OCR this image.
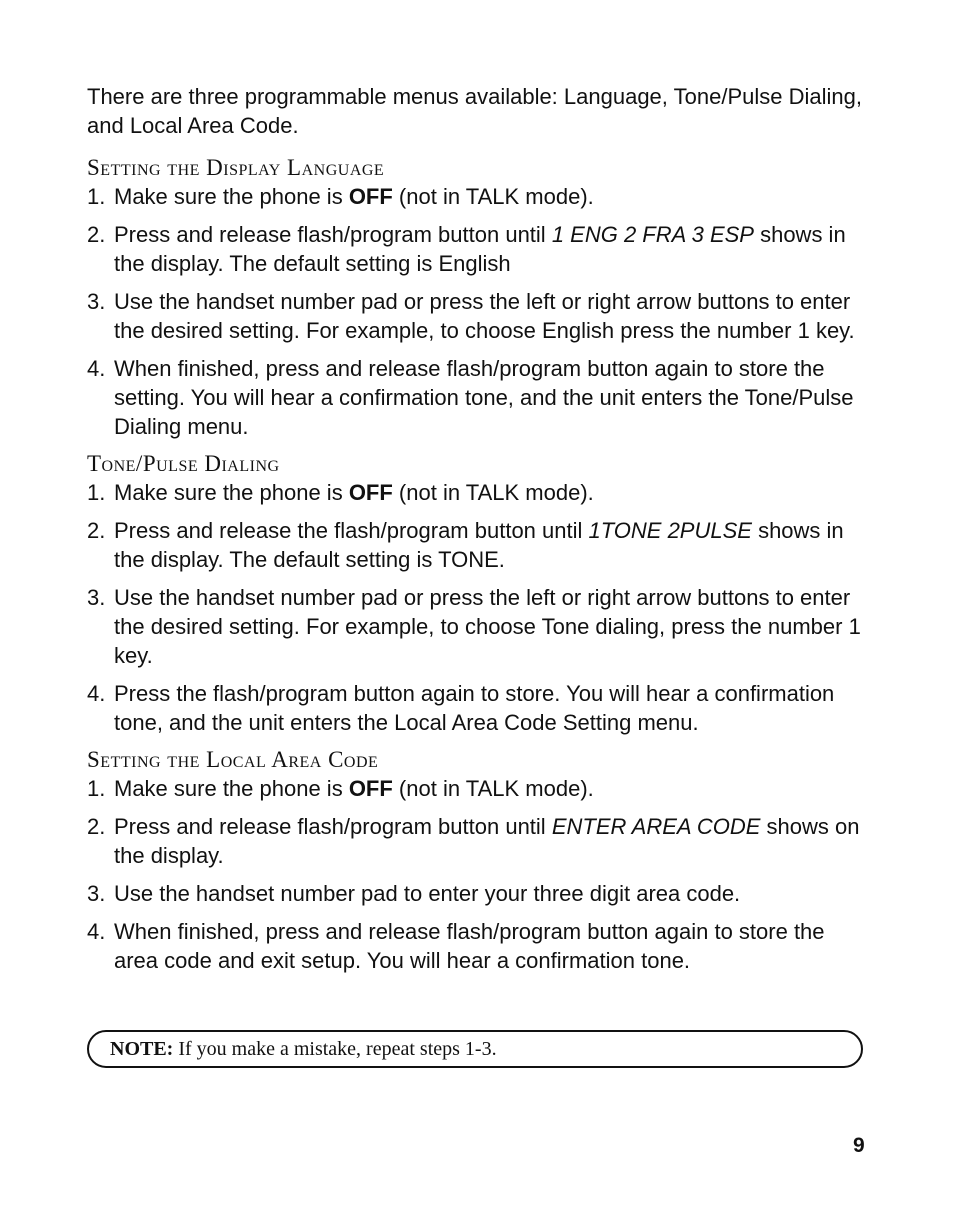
There are three programmable menus available: Language, Tone/Pulse Dialing, and Local Area Code.

Setting the Display Language
1. Make sure the phone is OFF (not in TALK mode).
2. Press and release flash/program button until 1 ENG 2 FRA 3 ESP shows in the display. The default setting is English
3. Use the handset number pad or press the left or right arrow buttons to enter the desired setting. For example, to choose English press the number 1 key.
4. When finished, press and release flash/program button again to store the setting. You will hear a confirmation tone, and the unit enters the Tone/Pulse Dialing menu.
Tone/Pulse Dialing
1. Make sure the phone is OFF (not in TALK mode).
2. Press and release the flash/program button until 1TONE 2PULSE shows in the display. The default setting is TONE.
3. Use the handset number pad or press the left or right arrow buttons to enter the desired setting. For example, to choose Tone dialing, press the number 1 key.
4. Press the flash/program button again to store. You will hear a confirmation tone, and the unit enters the Local Area Code Setting menu.
Setting the Local Area Code
1. Make sure the phone is OFF (not in TALK mode).
2. Press and release flash/program button until ENTER AREA CODE shows on the display.
3. Use the handset number pad to enter your three digit area code.
4. When finished, press and release flash/program button again to store the area code and exit setup. You will hear a confirmation tone.
NOTE: If you make a mistake, repeat steps 1-3.
9
